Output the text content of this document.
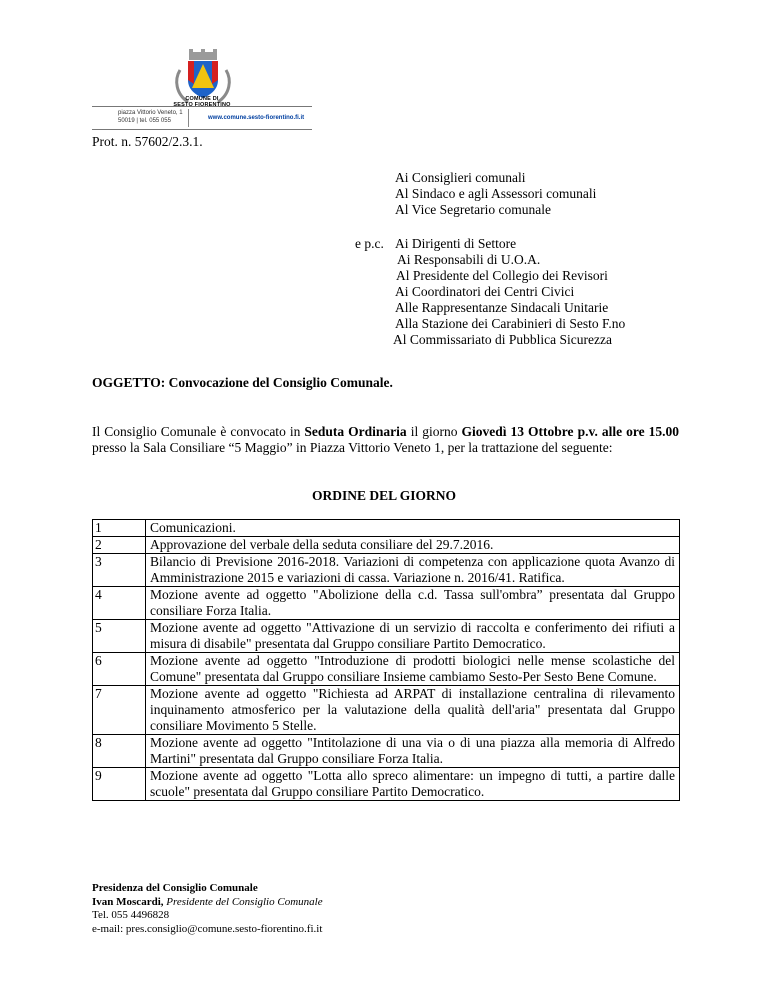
COMUNE DI
SESTO FIORENTINO
piazza Vittorio Veneto, 1
50019 | tel. 055 055	www.comune.sesto-fiorentino.fi.it
Prot. n. 57602/2.3.1.
Ai Consiglieri comunali
Al Sindaco e agli Assessori comunali
Al Vice Segretario comunale
e p.c. Ai Dirigenti di Settore
Ai Responsabili di U.O.A.
Al Presidente del Collegio dei Revisori
Ai Coordinatori dei Centri Civici
Alle Rappresentanze Sindacali Unitarie
Alla Stazione dei Carabinieri di Sesto F.no
Al Commissariato di Pubblica Sicurezza
OGGETTO: Convocazione del Consiglio Comunale.
Il Consiglio Comunale è convocato in Seduta Ordinaria il giorno Giovedì 13 Ottobre p.v. alle ore 15.00 presso la Sala Consiliare “5 Maggio” in Piazza Vittorio Veneto 1, per la trattazione del seguente:
ORDINE DEL GIORNO
1	Comunicazioni.
2	Approvazione del verbale della seduta consiliare del 29.7.2016.
3	Bilancio di Previsione 2016-2018. Variazioni di competenza con applicazione quota Avanzo di Amministrazione 2015 e variazioni di cassa. Variazione n. 2016/41. Ratifica.
4	Mozione avente ad oggetto "Abolizione della c.d. Tassa sull'ombra” presentata dal Gruppo consiliare Forza Italia.
5	Mozione avente ad oggetto "Attivazione di un servizio di raccolta e conferimento dei rifiuti a misura di disabile" presentata dal Gruppo consiliare Partito Democratico.
6	Mozione avente ad oggetto "Introduzione di prodotti biologici nelle mense scolastiche del Comune" presentata dal Gruppo consiliare Insieme cambiamo Sesto-Per Sesto Bene Comune.
7	Mozione avente ad oggetto "Richiesta ad ARPAT di installazione centralina di rilevamento inquinamento atmosferico per la valutazione della qualità dell'aria" presentata dal Gruppo consiliare Movimento 5 Stelle.
8	Mozione avente ad oggetto "Intitolazione di una via o di una piazza alla memoria di Alfredo Martini" presentata dal Gruppo consiliare Forza Italia.
9	Mozione avente ad oggetto "Lotta allo spreco alimentare: un impegno di tutti, a partire dalle scuole" presentata dal Gruppo consiliare Partito Democratico.
Presidenza del Consiglio Comunale
Ivan Moscardi, Presidente del Consiglio Comunale
Tel. 055 4496828
e-mail: pres.consiglio@comune.sesto-fiorentino.fi.it
